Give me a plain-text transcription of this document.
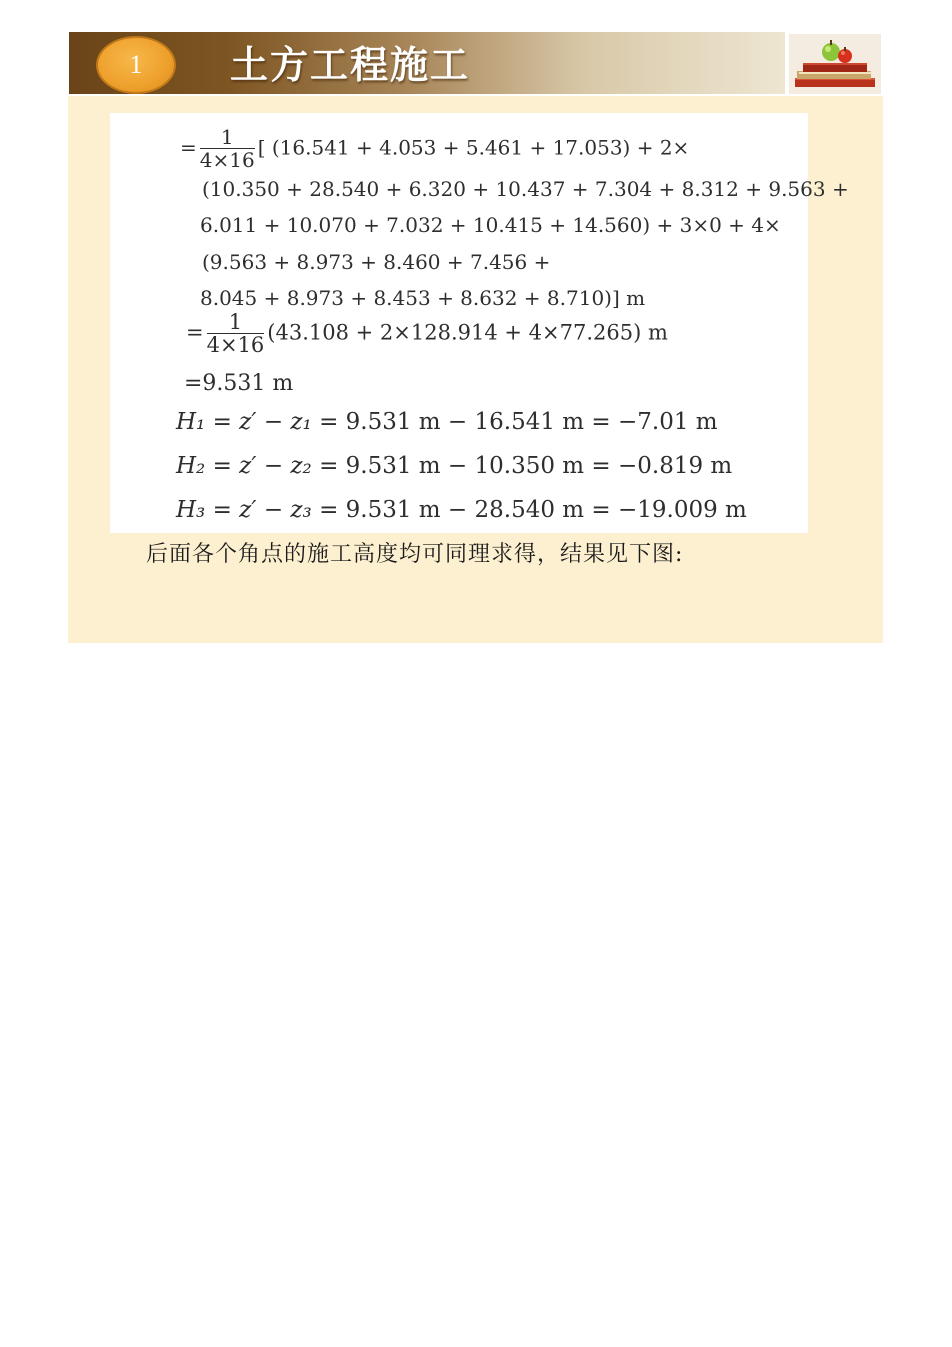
1 土方工程施工
= $\frac{1}{4\times 16}$ [ (16.541 + 4.053 + 5.461 + 17.053) + 2×
(10.350 + 28.540 + 6.320 + 10.437 + 7.304 + 8.312 + 9.563 +
6.011 + 10.070 + 7.032 + 10.415 + 14.560) + 3×0 + 4×
(9.563 + 8.973 + 8.460 + 7.456 +
8.045 + 8.973 + 8.453 + 8.632 + 8.710)] m
= $\frac{1}{4\times 16} (43.108 + 2\times 128.914 + 4\times 77.265)$ m
=9.531 m
H₁ = z′ − z₁ = 9.531 m − 16.541 m = −7.01 m
H₂ = z′ − z₂ = 9.531 m − 10.350 m = −0.819 m
H₃ = z′ − z₃ = 9.531 m − 28.540 m = −19.009 m
后面各个角点的施工高度均可同理求得，结果见下图:
